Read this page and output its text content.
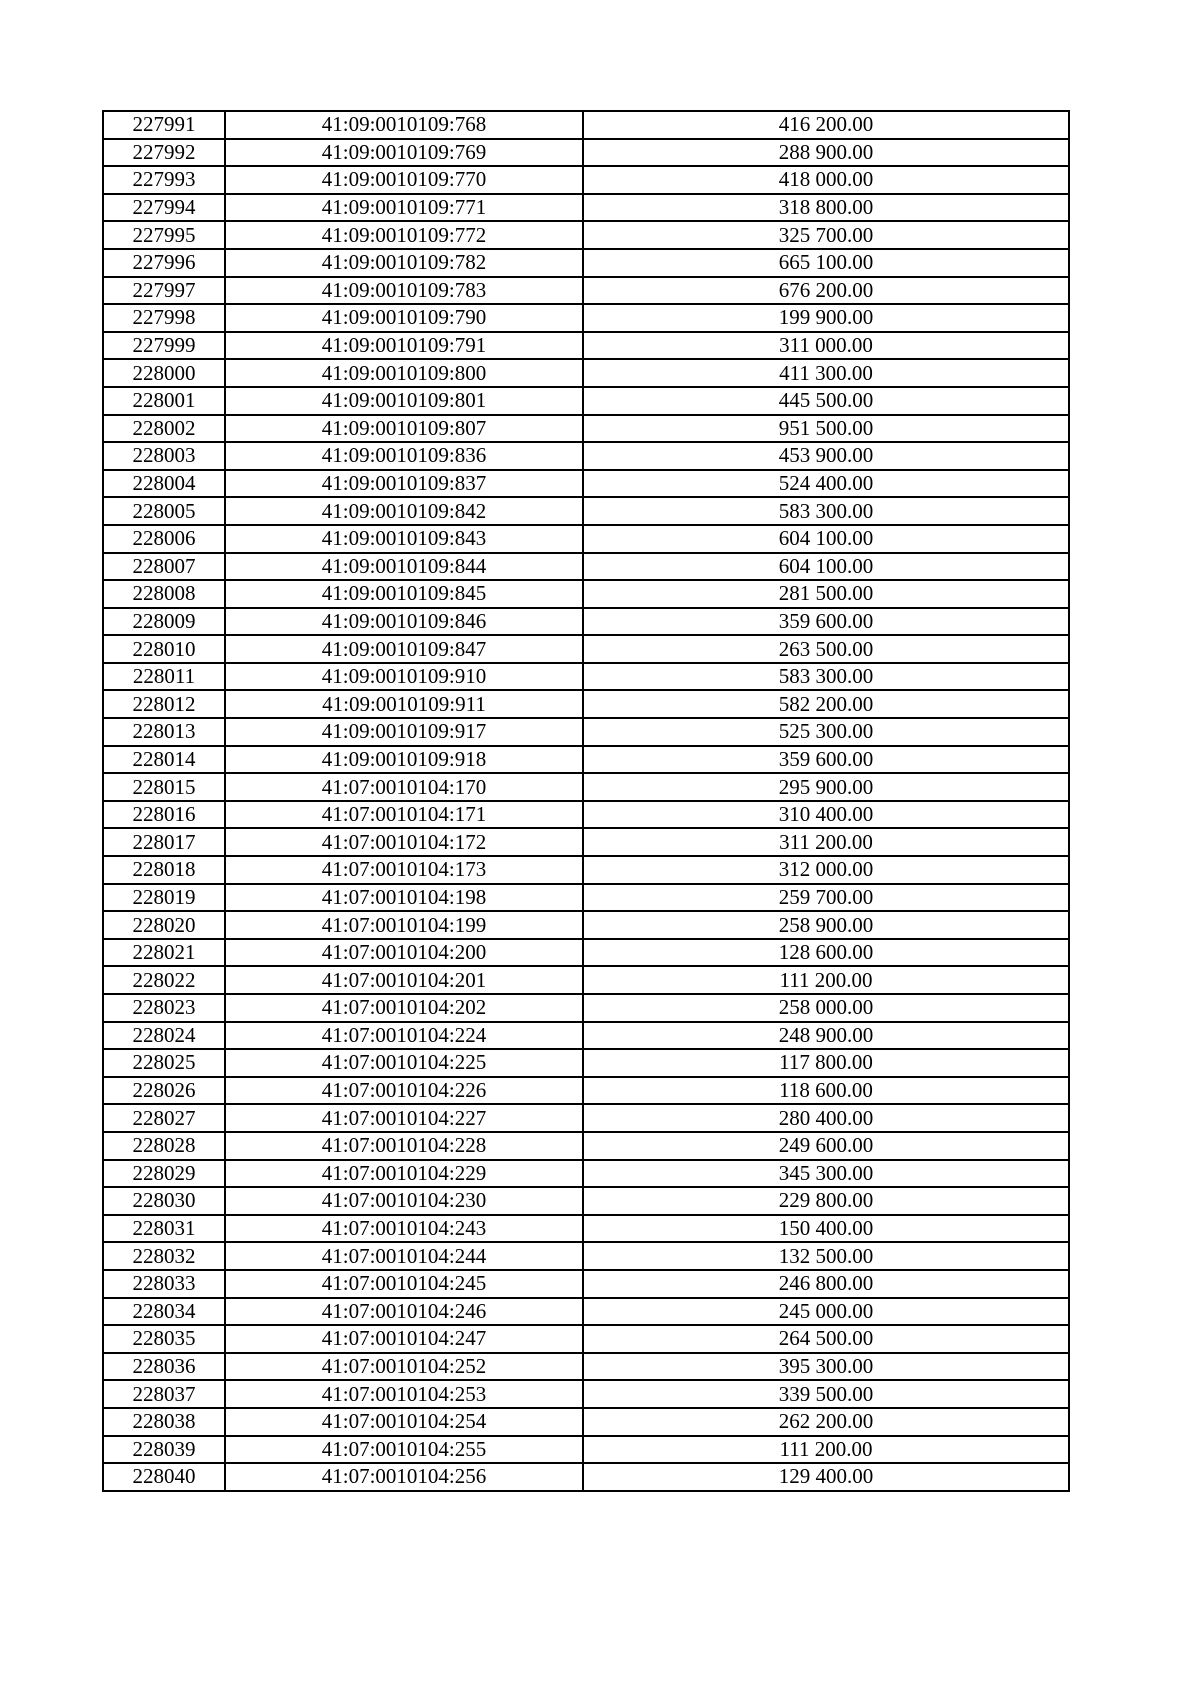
227991	41:09:0010109:768	416 200.00
227992	41:09:0010109:769	288 900.00
227993	41:09:0010109:770	418 000.00
227994	41:09:0010109:771	318 800.00
227995	41:09:0010109:772	325 700.00
227996	41:09:0010109:782	665 100.00
227997	41:09:0010109:783	676 200.00
227998	41:09:0010109:790	199 900.00
227999	41:09:0010109:791	311 000.00
228000	41:09:0010109:800	411 300.00
228001	41:09:0010109:801	445 500.00
228002	41:09:0010109:807	951 500.00
228003	41:09:0010109:836	453 900.00
228004	41:09:0010109:837	524 400.00
228005	41:09:0010109:842	583 300.00
228006	41:09:0010109:843	604 100.00
228007	41:09:0010109:844	604 100.00
228008	41:09:0010109:845	281 500.00
228009	41:09:0010109:846	359 600.00
228010	41:09:0010109:847	263 500.00
228011	41:09:0010109:910	583 300.00
228012	41:09:0010109:911	582 200.00
228013	41:09:0010109:917	525 300.00
228014	41:09:0010109:918	359 600.00
228015	41:07:0010104:170	295 900.00
228016	41:07:0010104:171	310 400.00
228017	41:07:0010104:172	311 200.00
228018	41:07:0010104:173	312 000.00
228019	41:07:0010104:198	259 700.00
228020	41:07:0010104:199	258 900.00
228021	41:07:0010104:200	128 600.00
228022	41:07:0010104:201	111 200.00
228023	41:07:0010104:202	258 000.00
228024	41:07:0010104:224	248 900.00
228025	41:07:0010104:225	117 800.00
228026	41:07:0010104:226	118 600.00
228027	41:07:0010104:227	280 400.00
228028	41:07:0010104:228	249 600.00
228029	41:07:0010104:229	345 300.00
228030	41:07:0010104:230	229 800.00
228031	41:07:0010104:243	150 400.00
228032	41:07:0010104:244	132 500.00
228033	41:07:0010104:245	246 800.00
228034	41:07:0010104:246	245 000.00
228035	41:07:0010104:247	264 500.00
228036	41:07:0010104:252	395 300.00
228037	41:07:0010104:253	339 500.00
228038	41:07:0010104:254	262 200.00
228039	41:07:0010104:255	111 200.00
228040	41:07:0010104:256	129 400.00
